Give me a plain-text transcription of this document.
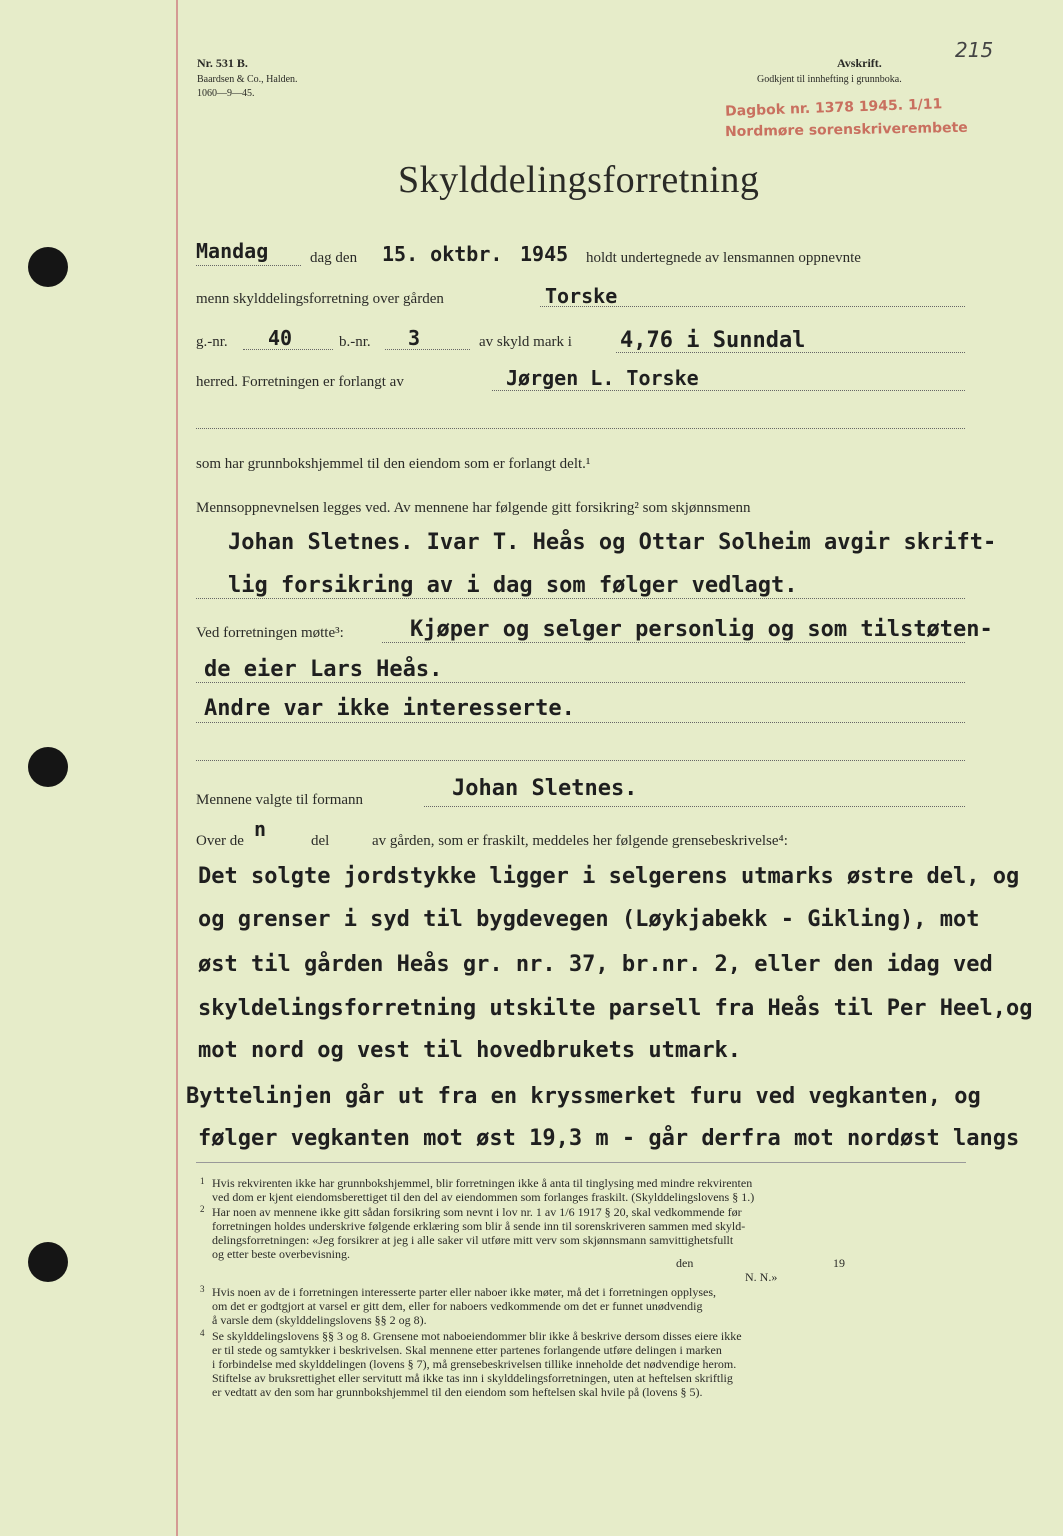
Nr. 531 B.
Baardsen & Co., Halden.
1060—9—45.
Avskrift.
Godkjent til innhefting i grunnboka.
Dagbok nr. 1378 1945. 1/11
Nordmøre sorenskriverembete
215
Skylddelingsforretning
Mandag	dag den 15. oktbr. 1945 holdt undertegnede av lensmannen oppnevnte
menn skylddelingsforretning over gården	Torske
g.-nr. 40	b.-nr. 3	av skyld mark i 4,76 i Sunndal
herred. Forretningen er forlangt av	Jørgen L. Torske
som har grunnbokshjemmel til den eiendom som er forlangt delt.¹
Mennsoppnevnelsen legges ved. Av mennene har følgende gitt forsikring² som skjønnsmenn
Johan Sletnes. Ivar T. Heås og Ottar Solheim avgir skrift-
lig forsikring av i dag som følger vedlagt.
Ved forretningen møtte³:	Kjøper og selger personlig og som tilstøten-
de eier Lars Heås.
Andre var ikke interesserte.
Mennene valgte til formann	Johan Sletnes.
Over de n	del	av gården, som er fraskilt, meddeles her følgende grensebeskrivelse⁴:
Det solgte jordstykke ligger i selgerens utmarks østre del, og
og grenser i syd til bygdevegen (Løykjabekk - Gikling), mot
øst til gården Heås gr. nr. 37, br.nr. 2, eller den idag ved
skyldelingsforretning utskilte parsell fra Heås til Per Heel,og
mot nord og vest til hovedbrukets utmark.
Byttelinjen går ut fra en kryssmerket furu ved vegkanten, og
følger vegkanten mot øst 19,3 m - går derfra mot nordøst langs
1 Hvis rekvirenten ikke har grunnbokshjemmel, blir forretningen ikke å anta til tinglysing med mindre rekvirenten
ved dom er kjent eiendomsberettiget til den del av eiendommen som forlanges fraskilt. (Skylddelingslovens § 1.)
2 Har noen av mennene ikke gitt sådan forsikring som nevnt i lov nr. 1 av 1/6 1917 § 20, skal vedkommende før
forretningen holdes underskrive følgende erklæring som blir å sende inn til sorenskriveren sammen med skyld-
delingsforretningen: «Jeg forsikrer at jeg i alle saker vil utføre mitt verv som skjønnsmann samvittighetsfullt
og etter beste overbevisning.
den	19
N. N.»
3 Hvis noen av de i forretningen interesserte parter eller naboer ikke møter, må det i forretningen opplyses,
om det er godtgjort at varsel er gitt dem, eller for naboers vedkommende om det er funnet unødvendig
å varsle dem (skylddelingslovens §§ 2 og 8).
4 Se skylddelingslovens §§ 3 og 8. Grensene mot naboeiendommer blir ikke å beskrive dersom disses eiere ikke
er til stede og samtykker i beskrivelsen. Skal mennene etter partenes forlangende utføre delingen i marken
i forbindelse med skylddelingen (lovens § 7), må grensebeskrivelsen tillike inneholde det nødvendige herom.
Stiftelse av bruksrettighet eller servitutt må ikke tas inn i skylddelingsforretningen, uten at heftelsen skriftlig
er vedtatt av den som har grunnbokshjemmel til den eiendom som heftelsen skal hvile på (lovens § 5).
